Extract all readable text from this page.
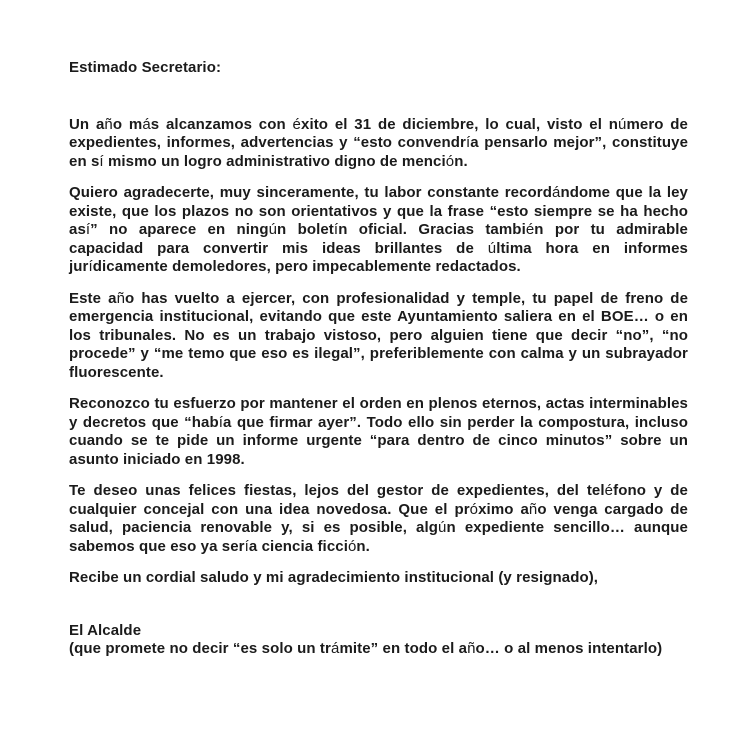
Estimado Secretario:

Un año más alcanzamos con éxito el 31 de diciembre, lo cual, visto el número de expedientes, informes, advertencias y “esto convendría pensarlo mejor”, constituye en sí mismo un logro administrativo digno de mención.

Quiero agradecerte, muy sinceramente, tu labor constante recordándome que la ley existe, que los plazos no son orientativos y que la frase “esto siempre se ha hecho así” no aparece en ningún boletín oficial. Gracias también por tu admirable capacidad para convertir mis ideas brillantes de última hora en informes jurídicamente demoledores, pero impecablemente redactados.

Este año has vuelto a ejercer, con profesionalidad y temple, tu papel de freno de emergencia institucional, evitando que este Ayuntamiento saliera en el BOE… o en los tribunales. No es un trabajo vistoso, pero alguien tiene que decir “no”, “no procede” y “me temo que eso es ilegal”, preferiblemente con calma y un subrayador fluorescente.

Reconozco tu esfuerzo por mantener el orden en plenos eternos, actas interminables y decretos que “había que firmar ayer”. Todo ello sin perder la compostura, incluso cuando se te pide un informe urgente “para dentro de cinco minutos” sobre un asunto iniciado en 1998.

Te deseo unas felices fiestas, lejos del gestor de expedientes, del teléfono y de cualquier concejal con una idea novedosa. Que el próximo año venga cargado de salud, paciencia renovable y, si es posible, algún expediente sencillo… aunque sabemos que eso ya sería ciencia ficción.

Recibe un cordial saludo y mi agradecimiento institucional (y resignado),

El Alcalde
(que promete no decir “es solo un trámite” en todo el año… o al menos intentarlo)
